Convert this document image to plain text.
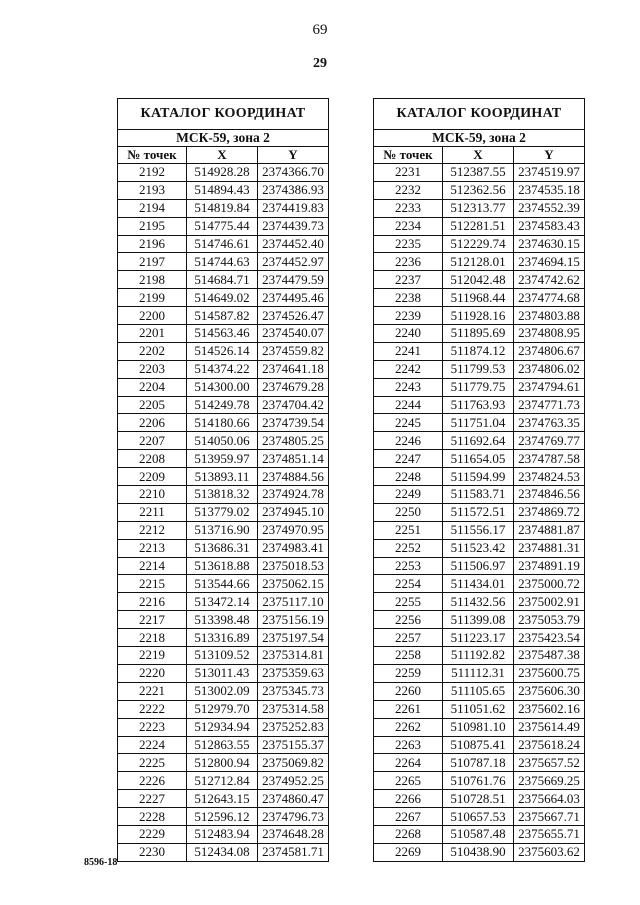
69
29
КАТАЛОГ КООРДИНАТ		
МСК-59, зона 2		
№ точек	X	Y
2192	514928.28	2374366.70
2193	514894.43	2374386.93
2194	514819.84	2374419.83
2195	514775.44	2374439.73
2196	514746.61	2374452.40
2197	514744.63	2374452.97
2198	514684.71	2374479.59
2199	514649.02	2374495.46
2200	514587.82	2374526.47
2201	514563.46	2374540.07
2202	514526.14	2374559.82
2203	514374.22	2374641.18
2204	514300.00	2374679.28
2205	514249.78	2374704.42
2206	514180.66	2374739.54
2207	514050.06	2374805.25
2208	513959.97	2374851.14
2209	513893.11	2374884.56
2210	513818.32	2374924.78
2211	513779.02	2374945.10
2212	513716.90	2374970.95
2213	513686.31	2374983.41
2214	513618.88	2375018.53
2215	513544.66	2375062.15
2216	513472.14	2375117.10
2217	513398.48	2375156.19
2218	513316.89	2375197.54
2219	513109.52	2375314.81
2220	513011.43	2375359.63
2221	513002.09	2375345.73
2222	512979.70	2375314.58
2223	512934.94	2375252.83
2224	512863.55	2375155.37
2225	512800.94	2375069.82
2226	512712.84	2374952.25
2227	512643.15	2374860.47
2228	512596.12	2374796.73
2229	512483.94	2374648.28
2230	512434.08	2374581.71
КАТАЛОГ КООРДИНАТ		
МСК-59, зона 2		
№ точек	X	Y
2231	512387.55	2374519.97
2232	512362.56	2374535.18
2233	512313.77	2374552.39
2234	512281.51	2374583.43
2235	512229.74	2374630.15
2236	512128.01	2374694.15
2237	512042.48	2374742.62
2238	511968.44	2374774.68
2239	511928.16	2374803.88
2240	511895.69	2374808.95
2241	511874.12	2374806.67
2242	511799.53	2374806.02
2243	511779.75	2374794.61
2244	511763.93	2374771.73
2245	511751.04	2374763.35
2246	511692.64	2374769.77
2247	511654.05	2374787.58
2248	511594.99	2374824.53
2249	511583.71	2374846.56
2250	511572.51	2374869.72
2251	511556.17	2374881.87
2252	511523.42	2374881.31
2253	511506.97	2374891.19
2254	511434.01	2375000.72
2255	511432.56	2375002.91
2256	511399.08	2375053.79
2257	511223.17	2375423.54
2258	511192.82	2375487.38
2259	511112.31	2375600.75
2260	511105.65	2375606.30
2261	511051.62	2375602.16
2262	510981.10	2375614.49
2263	510875.41	2375618.24
2264	510787.18	2375657.52
2265	510761.76	2375669.25
2266	510728.51	2375664.03
2267	510657.53	2375667.71
2268	510587.48	2375655.71
2269	510438.90	2375603.62
8596-18
